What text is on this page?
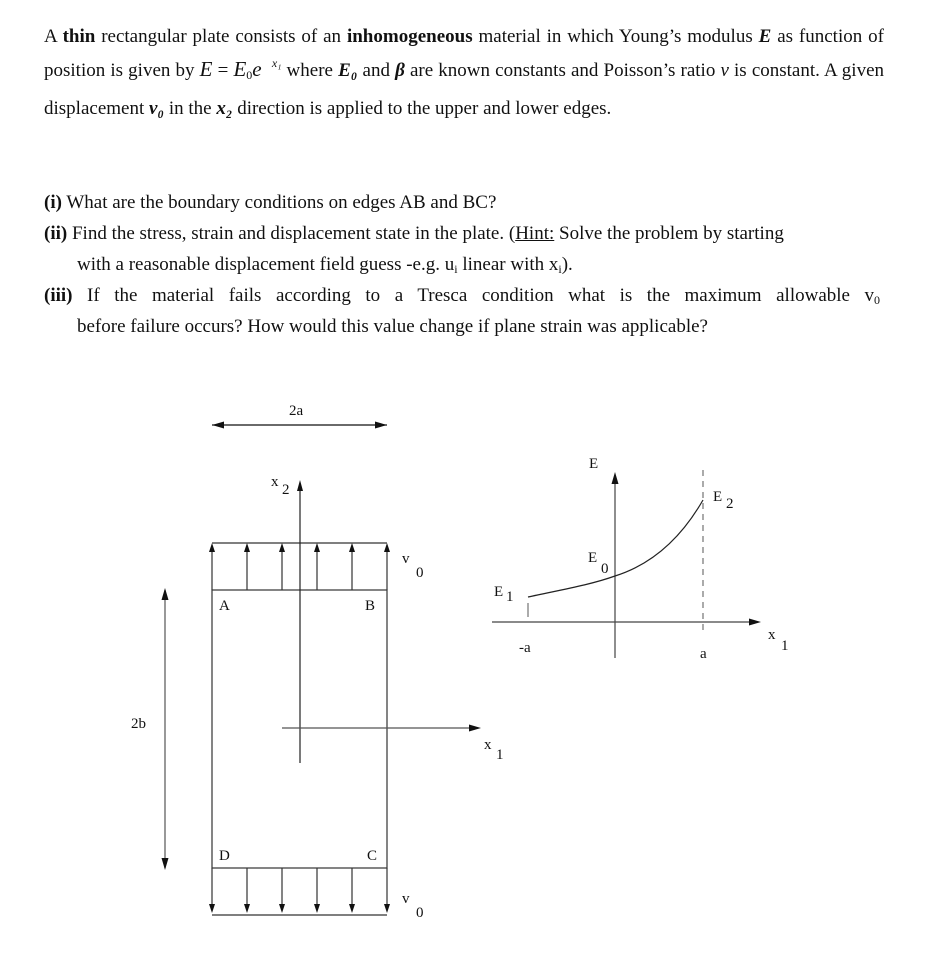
A thin rectangular plate consists of an inhomogeneous material in which Young’s modulus E as function of position is given by $E = E_0e$ $^{x_1}$ where E₀ and β are known constants and Poisson’s ratio ν is constant. A given displacement v₀ in the x₂ direction is applied to the upper and lower edges.
(i) What are the boundary conditions on edges AB and BC?
(ii) Find the stress, strain and displacement state in the plate. (Hint: Solve the problem by starting
with a reasonable displacement field guess -e.g. ui linear with xi).
(iii) If the material fails according to a Tresca condition what is the maximum allowable v0
before failure occurs? How would this value change if plane strain was applicable?
2a
2b
v
0
v
0
x 2
x
1
A	B
C
D
x
1
E
E
0
E 1
E 2
-a	a
